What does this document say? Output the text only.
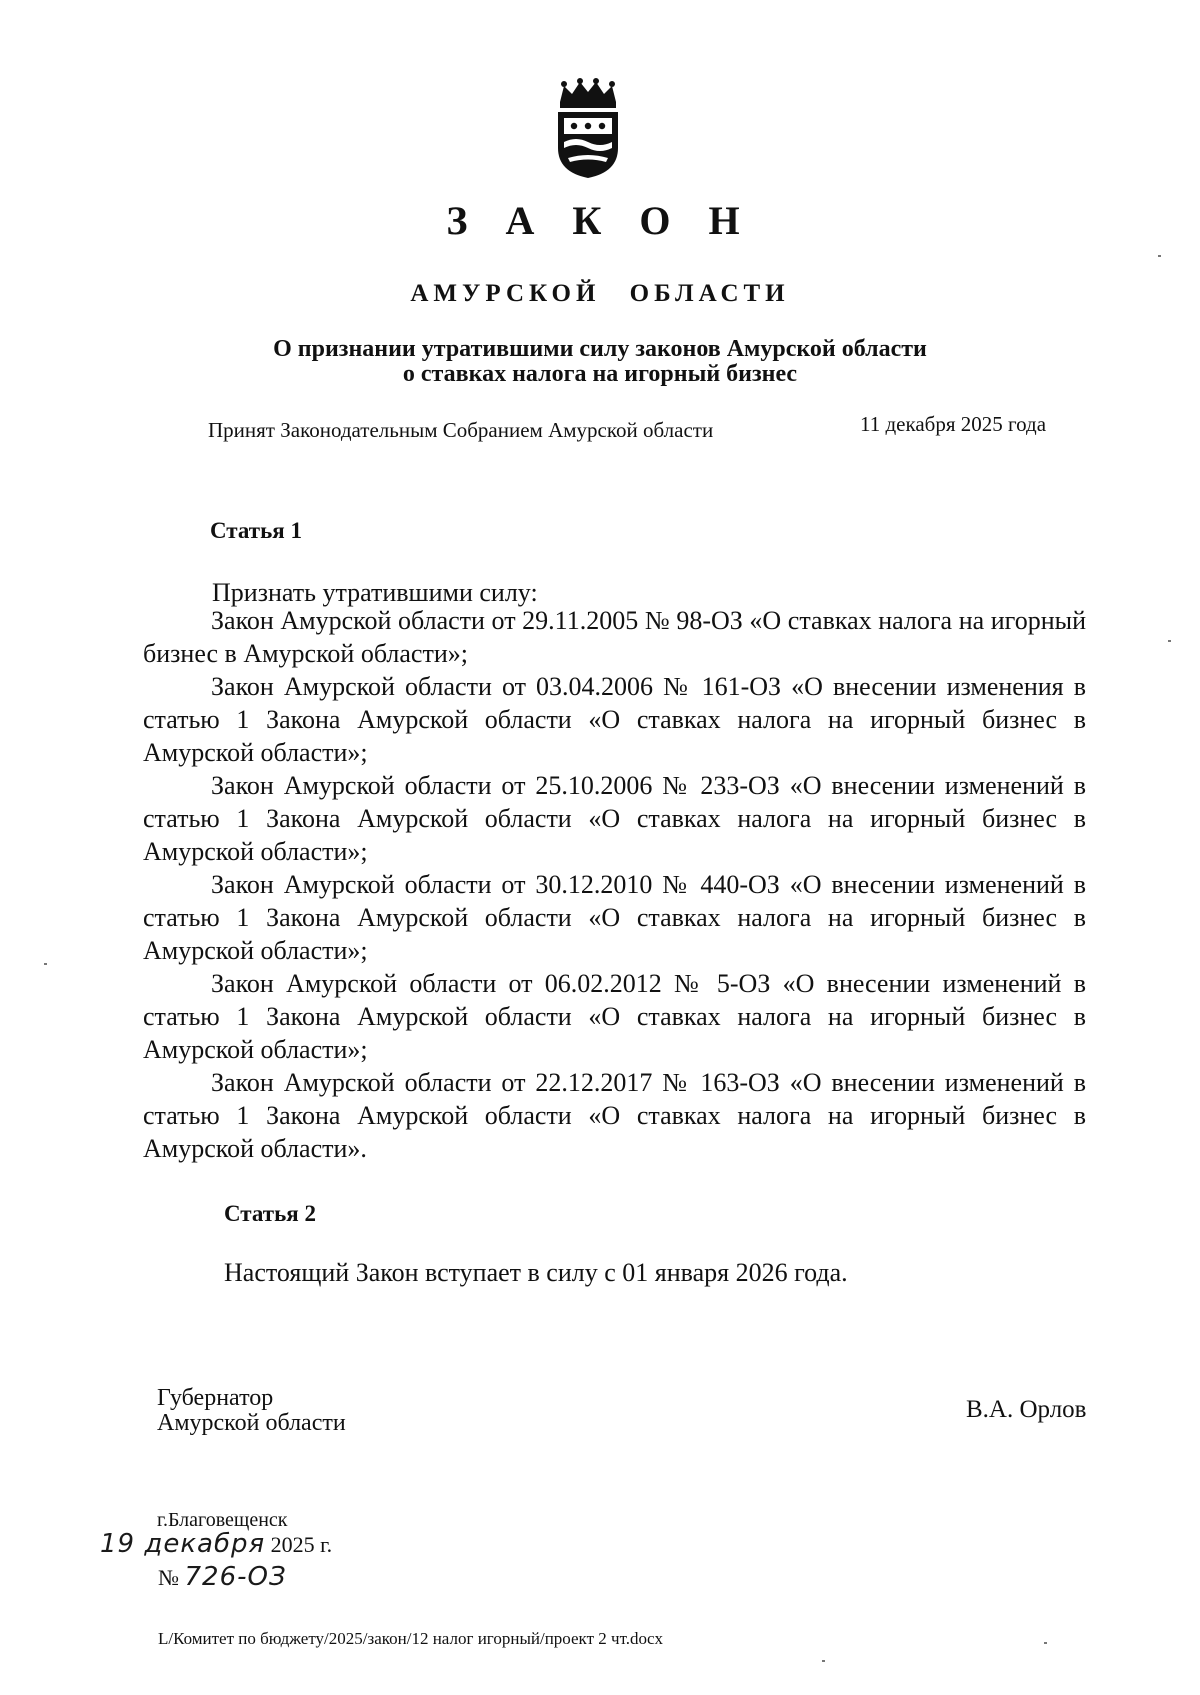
З А К О Н
АМУРСКОЙ ОБЛАСТИ
О признании утратившими силу законов Амурской области
о ставках налога на игорный бизнес
Принят Законодательным Собранием Амурской области	11 декабря 2025 года
Статья 1
Признать утратившими силу:

Закон Амурской области от 29.11.2005 № 98-ОЗ «О ставках налога на игорный бизнес в Амурской области»;

Закон Амурской области от 03.04.2006 № 161-ОЗ «О внесении изменения в статью 1 Закона Амурской области «О ставках налога на игорный бизнес в Амурской области»;

Закон Амурской области от 25.10.2006 № 233-ОЗ «О внесении изменений в статью 1 Закона Амурской области «О ставках налога на игорный бизнес в Амурской области»;

Закон Амурской области от 30.12.2010 № 440-ОЗ «О внесении изменений в статью 1 Закона Амурской области «О ставках налога на игорный бизнес в Амурской области»;

Закон Амурской области от 06.02.2012 № 5-ОЗ «О внесении изменений в статью 1 Закона Амурской области «О ставках налога на игорный бизнес в Амурской области»;

Закон Амурской области от 22.12.2017 № 163-ОЗ «О внесении изменений в статью 1 Закона Амурской области «О ставках налога на игорный бизнес в Амурской области».

Статья 2
Настоящий Закон вступает в силу с 01 января 2026 года.
Губернатор
Амурской области	В.А. Орлов
г.Благовещенск
19 декабря 2025 г.
№ 726-ОЗ
L/Комитет по бюджету/2025/закон/12 налог игорный/проект 2 чт.docx
